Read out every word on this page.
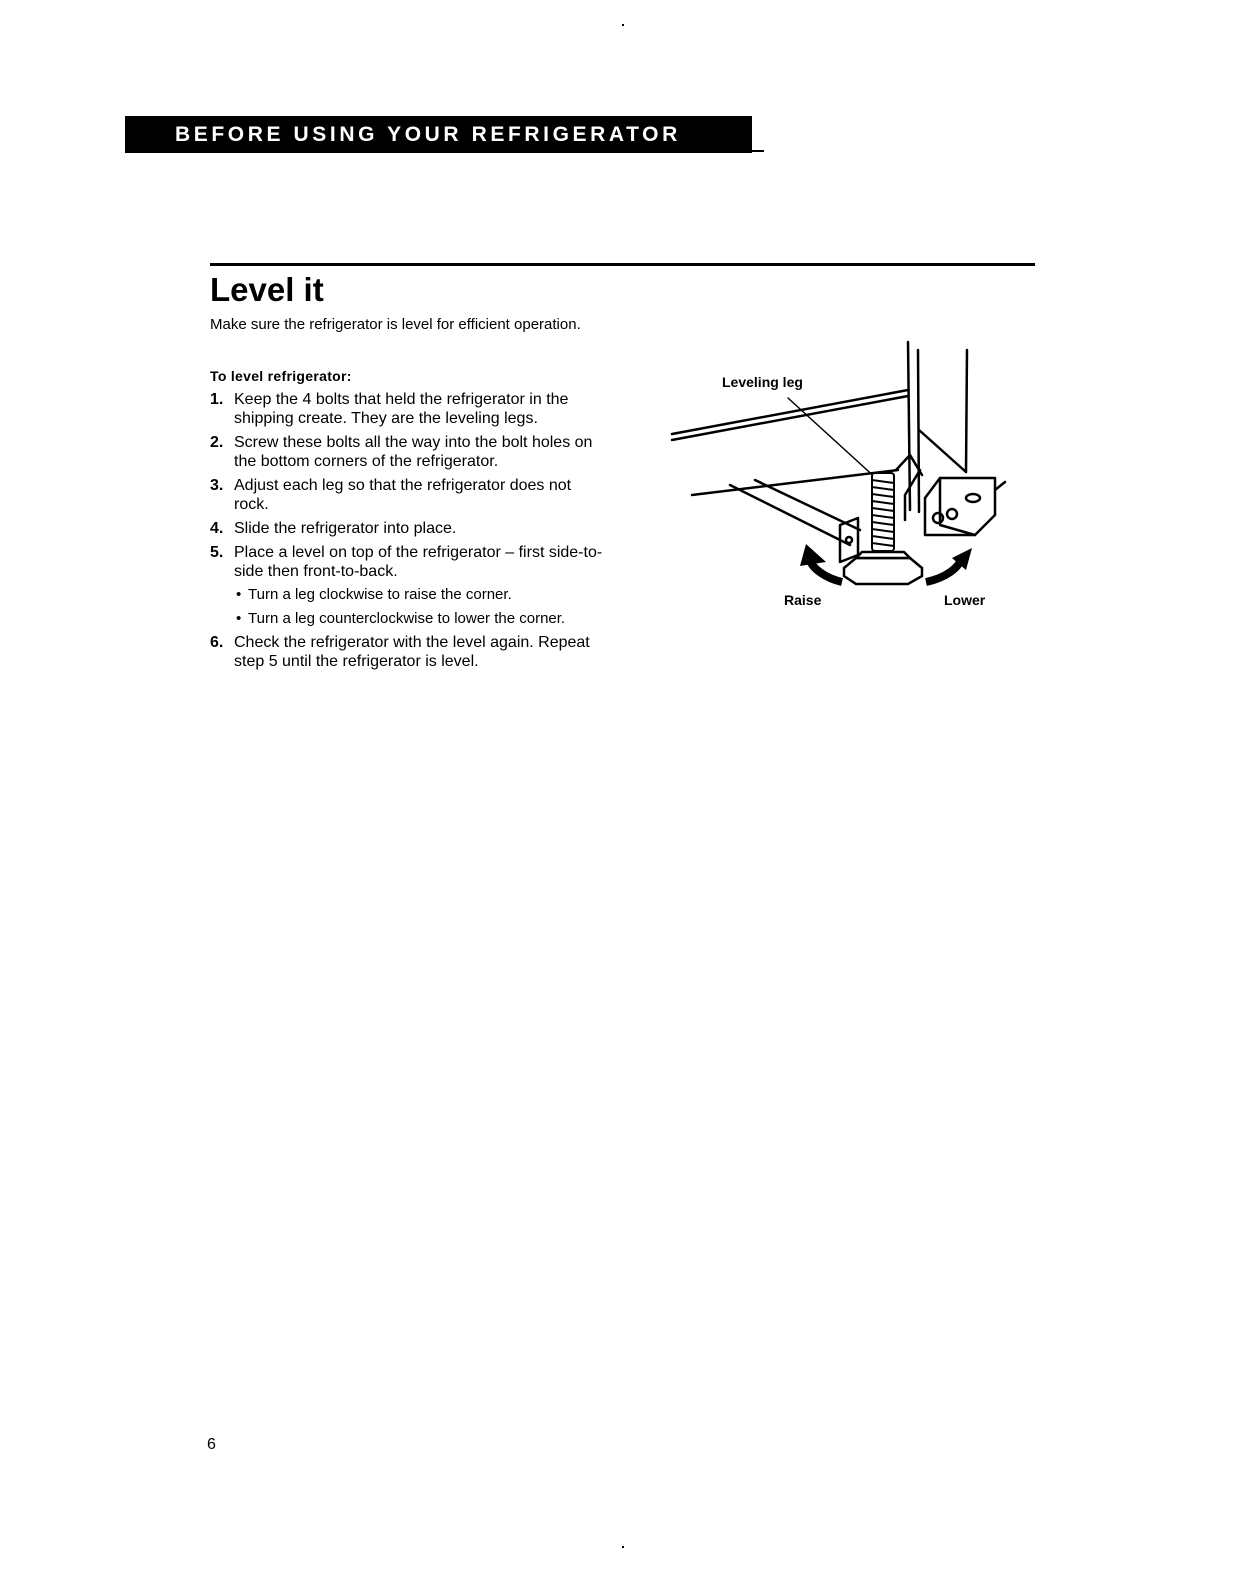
BEFORE USING YOUR REFRIGERATOR
Level it

Make sure the refrigerator is level for efficient operation.

To level refrigerator:

1. Keep the 4 bolts that held the refrigerator in the shipping create. They are the leveling legs.
2. Screw these bolts all the way into the bolt holes on the bottom corners of the refrigerator.
3. Adjust each leg so that the refrigerator does not rock.
4. Slide the refrigerator into place.
5. Place a level on top of the refrigerator – first side-to-side then front-to-back.
• Turn a leg clockwise to raise the corner.
• Turn a leg counterclockwise to lower the corner.
6. Check the refrigerator with the level again. Repeat step 5 until the refrigerator is level.
Leveling leg
Raise	Lower
6
